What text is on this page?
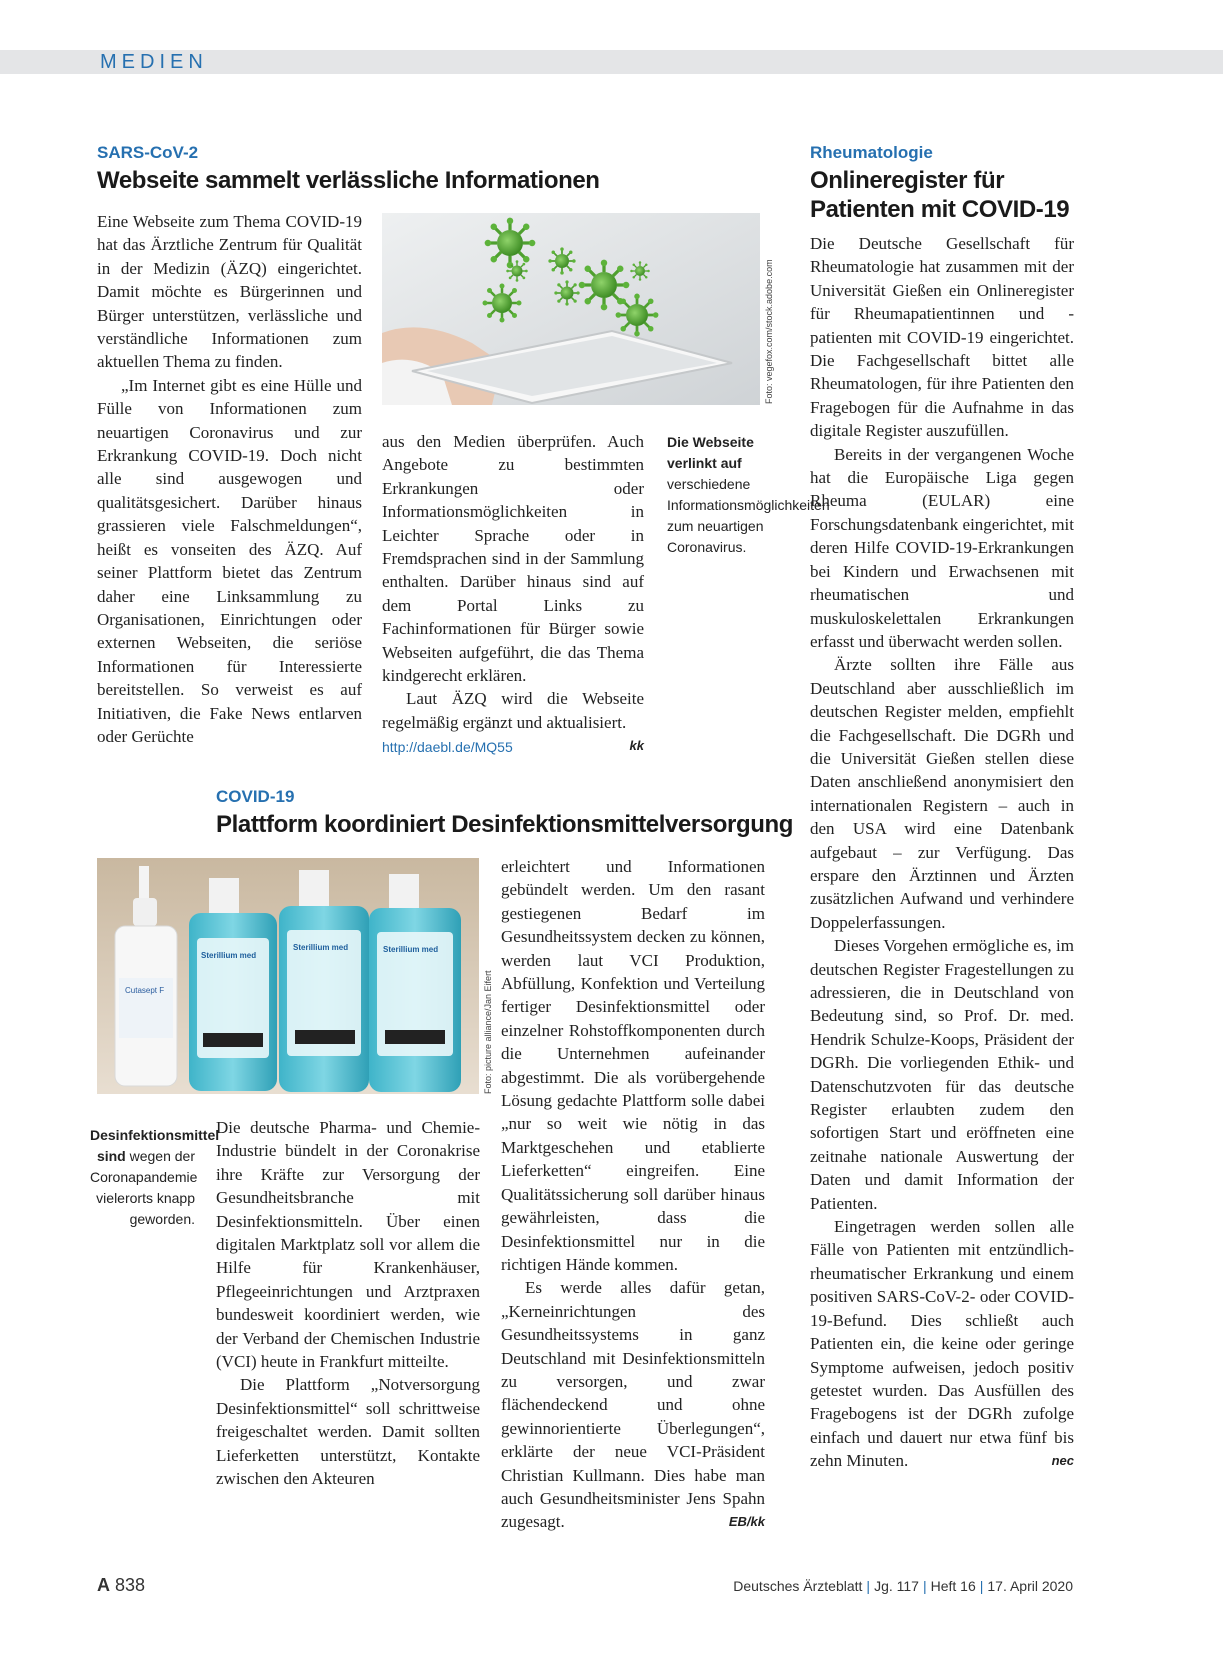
MEDIEN
SARS-CoV-2
Webseite sammelt verlässliche Informationen

Eine Webseite zum Thema COVID-19 hat das Ärztliche Zentrum für Qualität in der Medizin (ÄZQ) eingerichtet. Damit möchte es Bürgerinnen und Bürger unterstützen, verlässliche und verständliche Informationen zum aktuellen Thema zu finden.

„Im Internet gibt es eine Hülle und Fülle von Informationen zum neuartigen Coronavirus und zur Erkrankung COVID-19. Doch nicht alle sind ausgewogen und qualitätsgesichert. Darüber hinaus grassieren viele Falschmeldungen“, heißt es vonseiten des ÄZQ. Auf seiner Plattform bietet das Zentrum daher eine Linksammlung zu Organisationen, Einrichtungen oder externen Webseiten, die seriöse Informationen für Interessierte bereitstellen. So verweist es auf Initiativen, die Fake News entlarven oder Gerüchte

Foto: vegefox.com/stock.adobe.com

aus den Medien überprüfen. Auch Angebote zu bestimmten Erkrankungen oder Informationsmöglichkeiten in Leichter Sprache oder in Fremdsprachen sind in der Sammlung enthalten. Darüber hinaus sind auf dem Portal Links zu Fachinformationen für Bürger sowie Webseiten aufgeführt, die das Thema kindgerecht erklären.

Laut ÄZQ wird die Webseite regelmäßig ergänzt und aktualisiert.
kk

http://daebl.de/MQ55
Die Webseite verlinkt auf verschiedene Informationsmöglichkeiten zum neuartigen Coronavirus.
Rheumatologie
Onlineregister für
Patienten mit COVID-19

Die Deutsche Gesellschaft für Rheumatologie hat zusammen mit der Universität Gießen ein Onlineregister für Rheumapatientinnen und -patienten mit COVID-19 eingerichtet. Die Fachgesellschaft bittet alle Rheumatologen, für ihre Patienten den Fragebogen für die Aufnahme in das digitale Register auszufüllen.

Bereits in der vergangenen Woche hat die Europäische Liga gegen Rheuma (EULAR) eine Forschungsdatenbank eingerichtet, mit deren Hilfe COVID-19-Erkrankungen bei Kindern und Erwachsenen mit rheumatischen und muskuloskelettalen Erkrankungen erfasst und überwacht werden sollen.

Ärzte sollten ihre Fälle aus Deutschland aber ausschließlich im deutschen Register melden, empfiehlt die Fachgesellschaft. Die DGRh und die Universität Gießen stellen diese Daten anschließend anonymisiert den internationalen Registern – auch in den USA wird eine Datenbank aufgebaut – zur Verfügung. Das erspare den Ärztinnen und Ärzten zusätzlichen Aufwand und verhindere Doppelerfassungen.

Dieses Vorgehen ermögliche es, im deutschen Register Fragestellungen zu adressieren, die in Deutschland von Bedeutung sind, so Prof. Dr. med. Hendrik Schulze-Koops, Präsident der DGRh. Die vorliegenden Ethik- und Datenschutzvoten für das deutsche Register erlaubten zudem den sofortigen Start und eröffneten eine zeitnahe nationale Auswertung der Daten und damit Information der Patienten.

Eingetragen werden sollen alle Fälle von Patienten mit entzündlich-rheumatischer Erkrankung und einem positiven SARS-CoV-2- oder COVID-19-Befund. Dies schließt auch Patienten ein, die keine oder geringe Symptome aufweisen, jedoch positiv getestet wurden. Das Ausfüllen des Fragebogens ist der DGRh zufolge einfach und dauert nur etwa fünf bis zehn Minuten.	nec

COVID-19
Plattform koordiniert Desinfektionsmittelversorgung
Cutasept F
Sterillium med
Sterillium med	Sterillium med
Foto: picture alliance/Jan Eifert
Desinfektionsmittel sind wegen der Coronapandemie vielerorts knapp geworden.

Die deutsche Pharma- und Chemie-Industrie bündelt in der Coronakrise ihre Kräfte zur Versorgung der Gesundheitsbranche mit Desinfektionsmitteln. Über einen digitalen Marktplatz soll vor allem die Hilfe für Krankenhäuser, Pflegeeinrichtungen und Arztpraxen bundesweit koordiniert werden, wie der Verband der Chemischen Industrie (VCI) heute in Frankfurt mitteilte.

Die Plattform „Notversorgung Desinfektionsmittel“ soll schrittweise freigeschaltet werden. Damit sollten Lieferketten unterstützt, Kontakte zwischen den Akteuren

erleichtert und Informationen gebündelt werden. Um den rasant gestiegenen Bedarf im Gesundheitssystem decken zu können, werden laut VCI Produktion, Abfüllung, Konfektion und Verteilung fertiger Desinfektionsmittel oder einzelner Rohstoffkomponenten durch die Unternehmen aufeinander abgestimmt. Die als vorübergehende Lösung gedachte Plattform solle dabei „nur so weit wie nötig in das Marktgeschehen und etablierte Lieferketten“ eingreifen. Eine Qualitätssicherung soll darüber hinaus gewährleisten, dass die Desinfektionsmittel nur in die richtigen Hände kommen.

Es werde alles dafür getan, „Kerneinrichtungen des Gesundheitssystems in ganz Deutschland mit Desinfektionsmitteln zu versorgen, und zwar flächendeckend und ohne gewinnorientierte Überlegungen“, erklärte der neue VCI-Präsident Christian Kullmann. Dies habe man auch Gesundheitsminister Jens Spahn zugesagt.	EB/kk

A 838	Deutsches Ärzteblatt | Jg. 117 | Heft 16 | 17. April 2020
